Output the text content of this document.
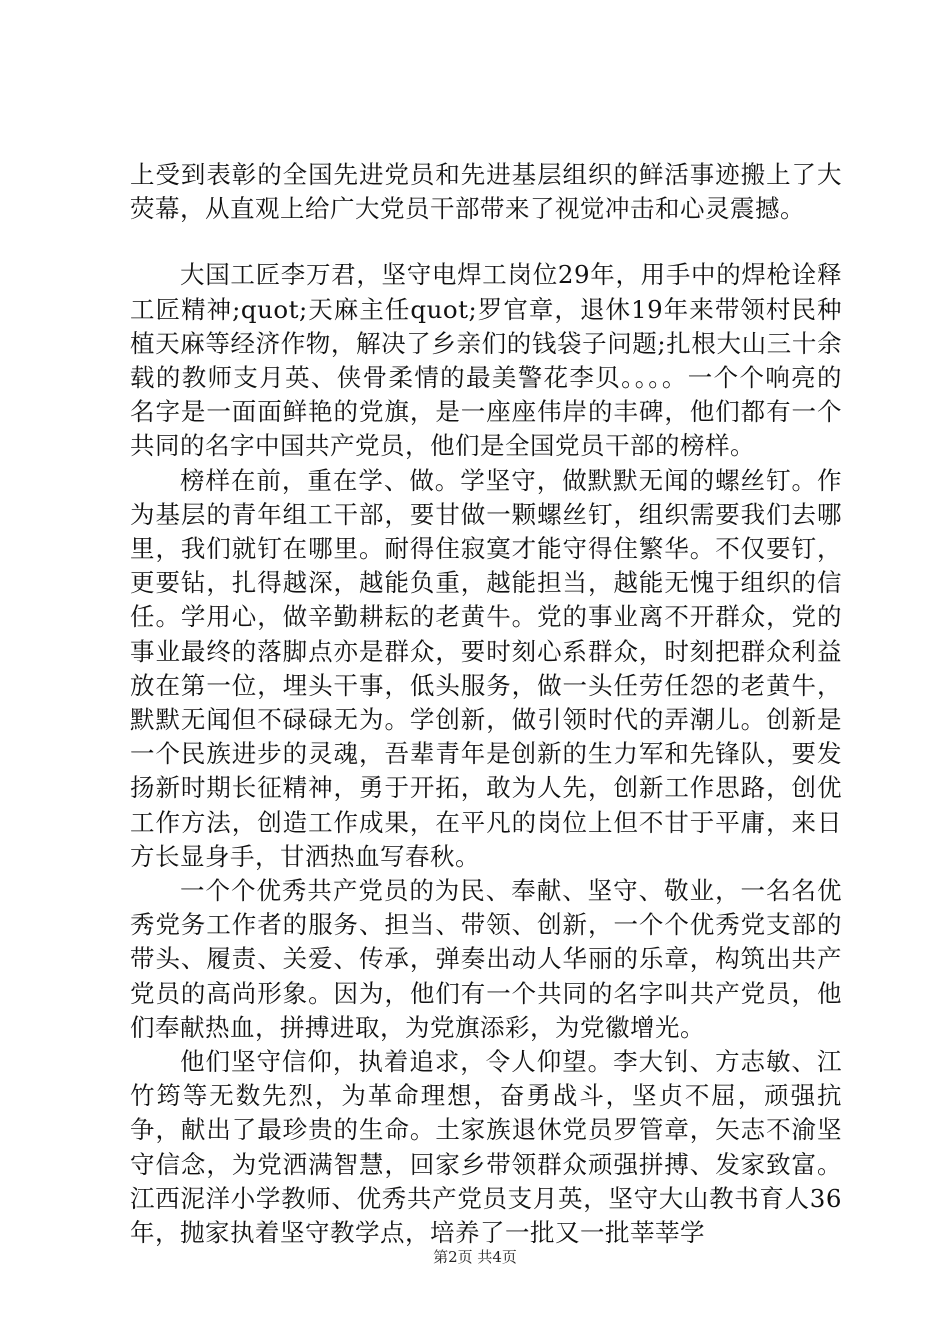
上受到表彰的全国先进党员和先进基层组织的鲜活事迹搬上了大荧幕，从直观上给广大党员干部带来了视觉冲击和心灵震撼。

大国工匠李万君，坚守电焊工岗位29年，用手中的焊枪诠释工匠精神;quot;天麻主任quot;罗官章，退休19年来带领村民种植天麻等经济作物，解决了乡亲们的钱袋子问题;扎根大山三十余载的教师支月英、侠骨柔情的最美警花李贝。。。。一个个响亮的名字是一面面鲜艳的党旗，是一座座伟岸的丰碑，他们都有一个共同的名字中国共产党员，他们是全国党员干部的榜样。

榜样在前，重在学、做。学坚守，做默默无闻的螺丝钉。作为基层的青年组工干部，要甘做一颗螺丝钉，组织需要我们去哪里，我们就钉在哪里。耐得住寂寞才能守得住繁华。不仅要钉，更要钻，扎得越深，越能负重，越能担当，越能无愧于组织的信任。学用心，做辛勤耕耘的老黄牛。党的事业离不开群众，党的事业最终的落脚点亦是群众，要时刻心系群众，时刻把群众利益放在第一位，埋头干事，低头服务，做一头任劳任怨的老黄牛，默默无闻但不碌碌无为。学创新，做引领时代的弄潮儿。创新是一个民族进步的灵魂，吾辈青年是创新的生力军和先锋队，要发扬新时期长征精神，勇于开拓，敢为人先，创新工作思路，创优工作方法，创造工作成果，在平凡的岗位上但不甘于平庸，来日方长显身手，甘洒热血写春秋。

一个个优秀共产党员的为民、奉献、坚守、敬业，一名名优秀党务工作者的服务、担当、带领、创新，一个个优秀党支部的带头、履责、关爱、传承，弹奏出动人华丽的乐章，构筑出共产党员的高尚形象。因为，他们有一个共同的名字叫共产党员，他们奉献热血，拼搏进取，为党旗添彩，为党徽增光。

他们坚守信仰，执着追求，令人仰望。李大钊、方志敏、江竹筠等无数先烈，为革命理想，奋勇战斗，坚贞不屈，顽强抗争，献出了最珍贵的生命。土家族退休党员罗管章，矢志不渝坚守信念，为党洒满智慧，回家乡带领群众顽强拼搏、发家致富。江西泥洋小学教师、优秀共产党员支月英，坚守大山教书育人36年，抛家执着坚守教学点，培养了一批又一批莘莘学

第2页 共4页
